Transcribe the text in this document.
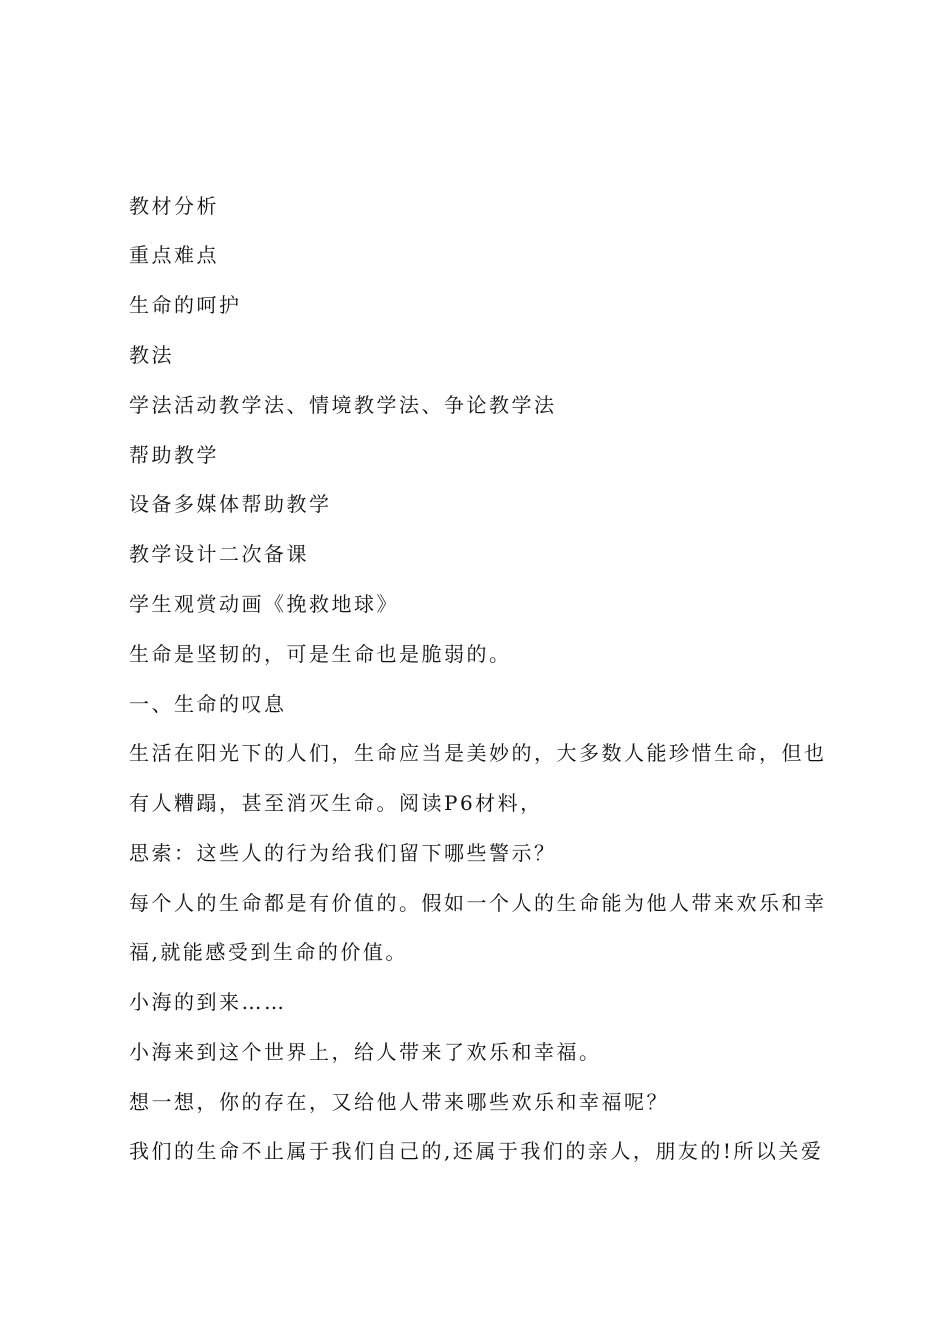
教材分析
重点难点
生命的呵护
教法
学法活动教学法、情境教学法、争论教学法
帮助教学
设备多媒体帮助教学
教学设计二次备课
学生观赏动画《挽救地球》
生命是坚韧的，可是生命也是脆弱的。
一、生命的叹息
生活在阳光下的人们，生命应当是美妙的，大多数人能珍惜生命，但也
有人糟蹋，甚至消灭生命。阅读P6材料，
思索：这些人的行为给我们留下哪些警示？
每个人的生命都是有价值的。假如一个人的生命能为他人带来欢乐和幸
福,就能感受到生命的价值。
小海的到来……
小海来到这个世界上，给人带来了欢乐和幸福。
想一想，你的存在，又给他人带来哪些欢乐和幸福呢？
我们的生命不止属于我们自己的,还属于我们的亲人，朋友的!所以关爱
